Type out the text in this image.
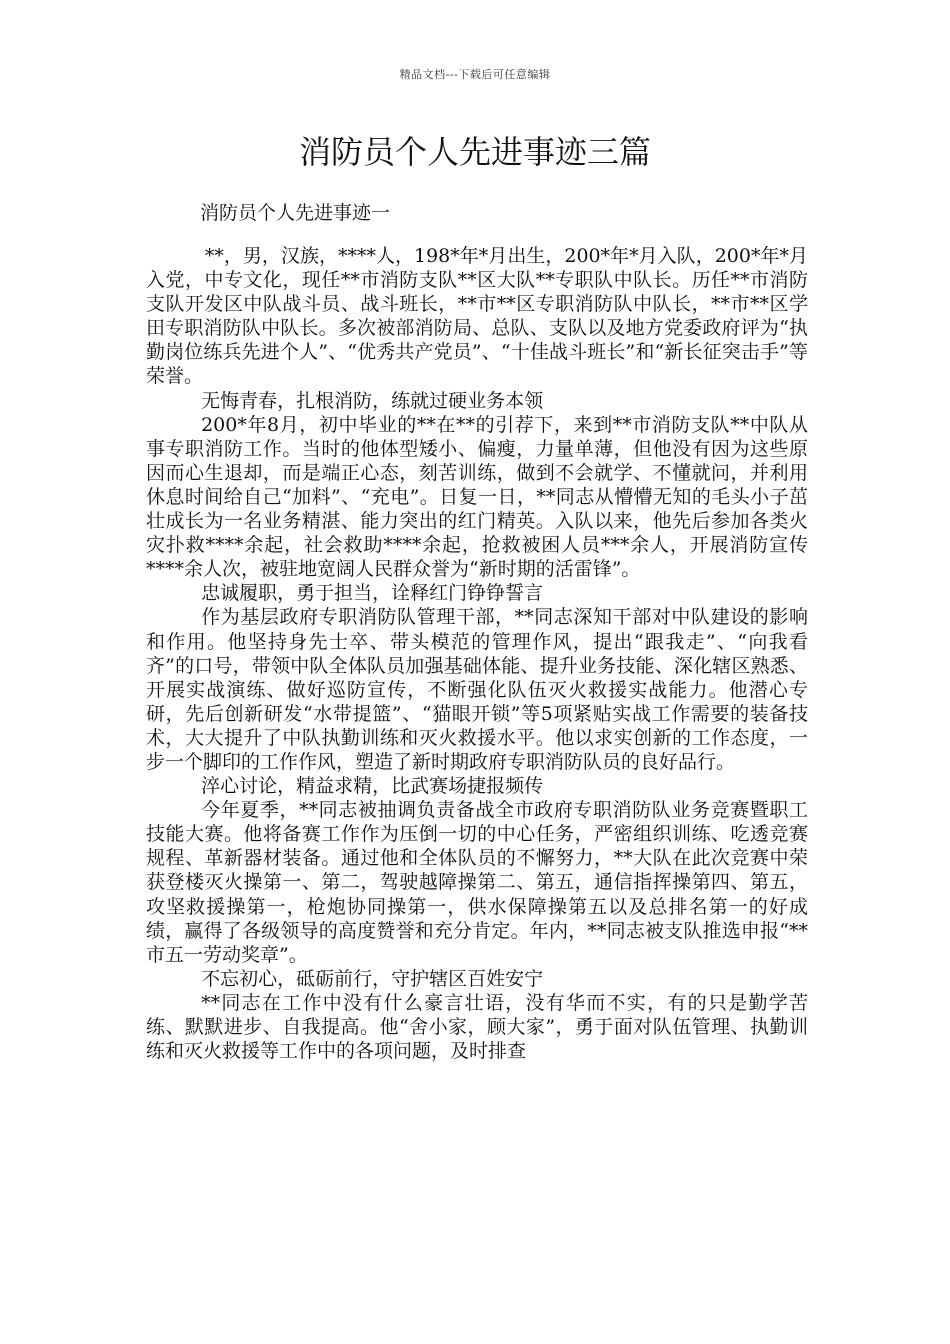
精品文档---下载后可任意编辑
消防员个人先进事迹三篇
消防员个人先进事迹一

**，男，汉族，****人，198*年*月出生，200*年*月入队，200*年*月入党，中专文化，现任**市消防支队**区大队**专职队中队长。历任**市消防支队开发区中队战斗员、战斗班长，**市**区专职消防队中队长，**市**区学田专职消防队中队长。多次被部消防局、总队、支队以及地方党委政府评为“执勤岗位练兵先进个人”、“优秀共产党员”、“十佳战斗班长”和“新长征突击手”等荣誉。

无悔青春，扎根消防，练就过硬业务本领

200*年8月，初中毕业的**在**的引荐下，来到**市消防支队**中队从事专职消防工作。当时的他体型矮小、偏瘦，力量单薄，但他没有因为这些原因而心生退却，而是端正心态，刻苦训练，做到不会就学、不懂就问，并利用休息时间给自己“加料”、“充电”。日复一日，**同志从懵懵无知的毛头小子茁壮成长为一名业务精湛、能力突出的红门精英。入队以来，他先后参加各类火灾扑救****余起，社会救助****余起，抢救被困人员***余人，开展消防宣传****余人次，被驻地宽阔人民群众誉为“新时期的活雷锋”。

忠诚履职，勇于担当，诠释红门铮铮誓言

作为基层政府专职消防队管理干部，**同志深知干部对中队建设的影响和作用。他坚持身先士卒、带头模范的管理作风，提出“跟我走”、“向我看齐”的口号，带领中队全体队员加强基础体能、提升业务技能、深化辖区熟悉、开展实战演练、做好巡防宣传，不断强化队伍灭火救援实战能力。他潜心专研，先后创新研发“水带提篮”、“猫眼开锁”等5项紧贴实战工作需要的装备技术，大大提升了中队执勤训练和灭火救援水平。他以求实创新的工作态度，一步一个脚印的工作作风，塑造了新时期政府专职消防队员的良好品行。

淬心讨论，精益求精，比武赛场捷报频传

今年夏季，**同志被抽调负责备战全市政府专职消防队业务竞赛暨职工技能大赛。他将备赛工作作为压倒一切的中心任务，严密组织训练、吃透竞赛规程、革新器材装备。通过他和全体队员的不懈努力，**大队在此次竞赛中荣获登楼灭火操第一、第二，驾驶越障操第二、第五，通信指挥操第四、第五，攻坚救援操第一，枪炮协同操第一，供水保障操第五以及总排名第一的好成绩，赢得了各级领导的高度赞誉和充分肯定。年内，**同志被支队推选申报“**市五一劳动奖章”。

不忘初心，砥砺前行，守护辖区百姓安宁

**同志在工作中没有什么豪言壮语，没有华而不实，有的只是勤学苦练、默默进步、自我提高。他“舍小家，顾大家”，勇于面对队伍管理、执勤训练和灭火救援等工作中的各项问题，及时排查
